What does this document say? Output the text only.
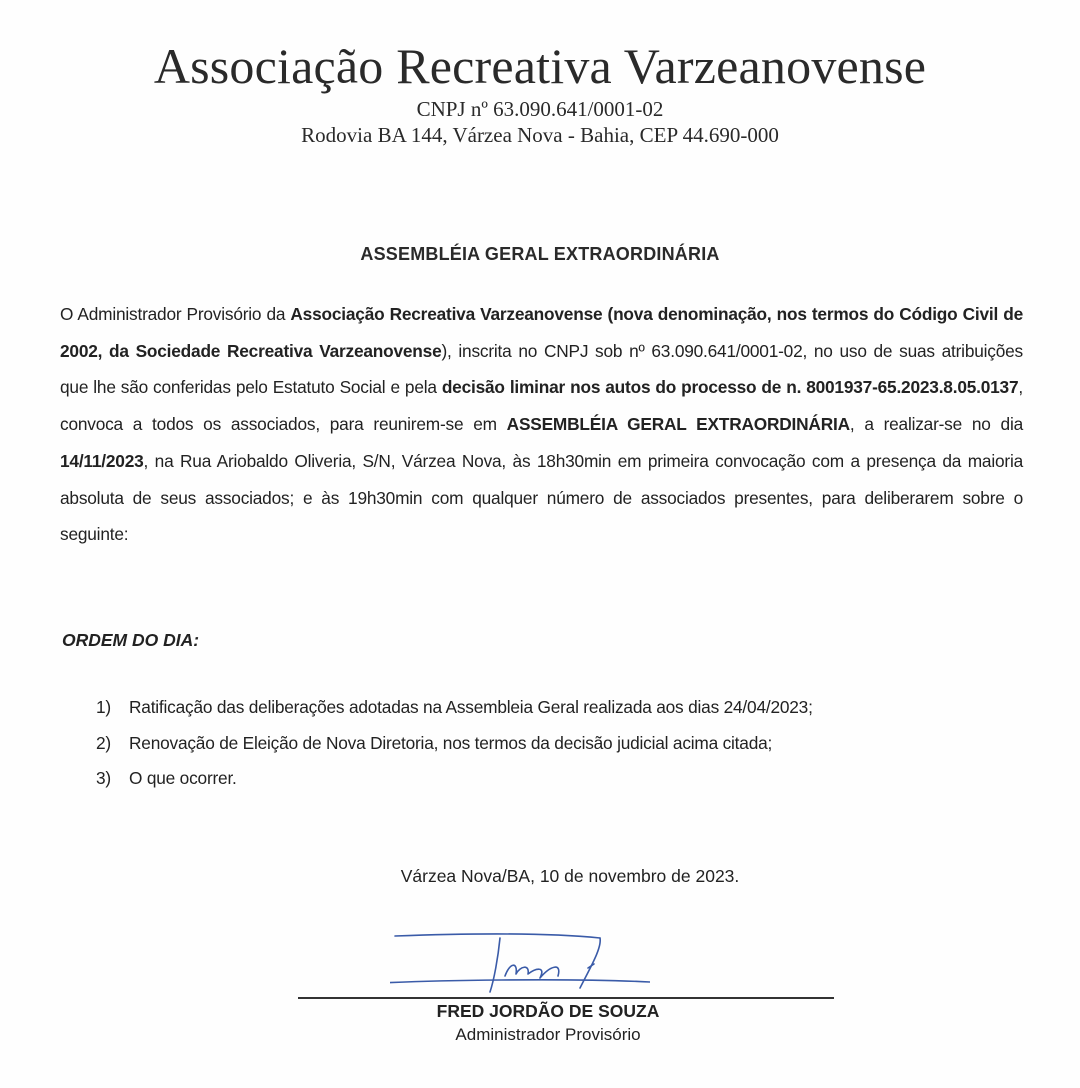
Associação Recreativa Varzeanovense
CNPJ nº 63.090.641/0001-02
Rodovia BA 144, Várzea Nova - Bahia, CEP 44.690-000
ASSEMBLÉIA GERAL EXTRAORDINÁRIA
O Administrador Provisório da Associação Recreativa Varzeanovense (nova denominação, nos termos do Código Civil de 2002, da Sociedade Recreativa Varzeanovense), inscrita no CNPJ sob nº 63.090.641/0001-02, no uso de suas atribuições que lhe são conferidas pelo Estatuto Social e pela decisão liminar nos autos do processo de n. 8001937-65.2023.8.05.0137, convoca a todos os associados, para reunirem-se em ASSEMBLÉIA GERAL EXTRAORDINÁRIA, a realizar-se no dia 14/11/2023, na Rua Ariobaldo Oliveria, S/N, Várzea Nova, às 18h30min em primeira convocação com a presença da maioria absoluta de seus associados; e às 19h30min com qualquer número de associados presentes, para deliberarem sobre o seguinte:
ORDEM DO DIA:
1) Ratificação das deliberações adotadas na Assembleia Geral realizada aos dias 24/04/2023;
2) Renovação de Eleição de Nova Diretoria, nos termos da decisão judicial acima citada;
3) O que ocorrer.
Várzea Nova/BA, 10 de novembro de 2023.
FRED JORDÃO DE SOUZA
Administrador Provisório
